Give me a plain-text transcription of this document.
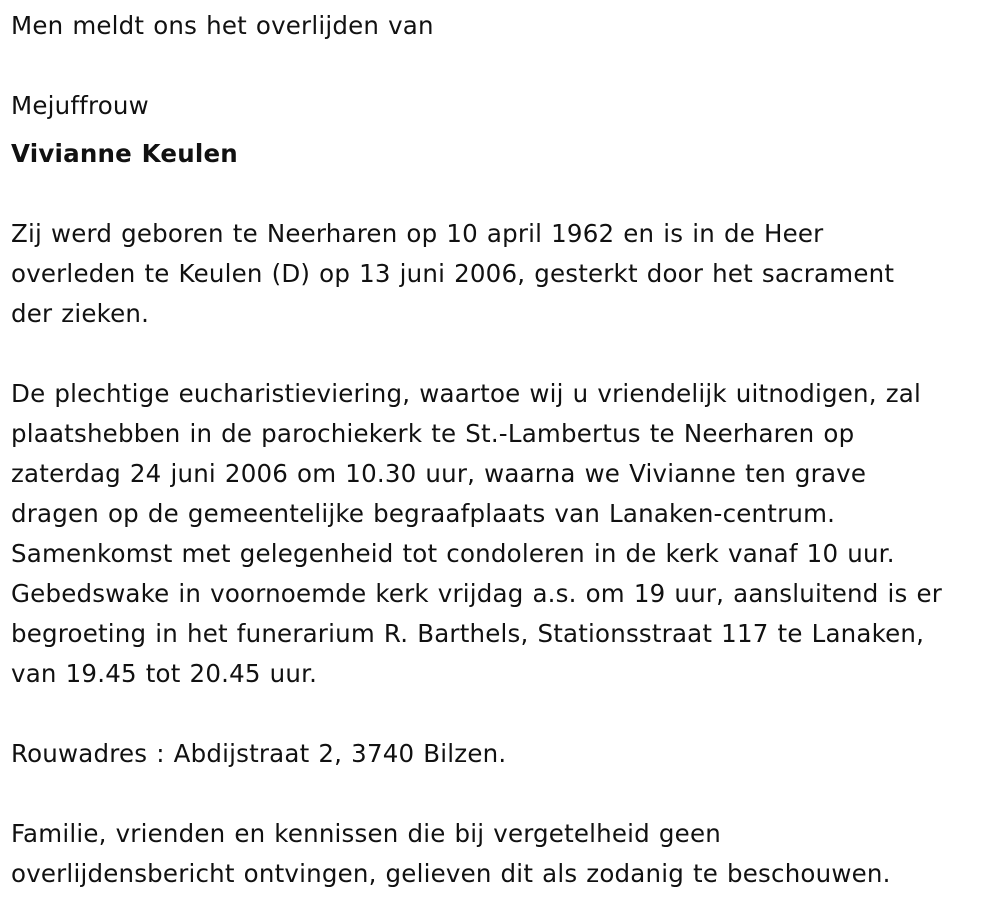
Men meldt ons het overlijden van
Mejuffrouw
Vivianne Keulen
Zij werd geboren te Neerharen op 10 april 1962 en is in de Heer
overleden te Keulen (D) op 13 juni 2006, gesterkt door het sacrament
der zieken.
De plechtige eucharistieviering, waartoe wij u vriendelijk uitnodigen, zal
plaatshebben in de parochiekerk te St.-Lambertus te Neerharen op
zaterdag 24 juni 2006 om 10.30 uur, waarna we Vivianne ten grave
dragen op de gemeentelijke begraafplaats van Lanaken-centrum.
Samenkomst met gelegenheid tot condoleren in de kerk vanaf 10 uur.
Gebedswake in voornoemde kerk vrijdag a.s. om 19 uur, aansluitend is er
begroeting in het funerarium R. Barthels, Stationsstraat 117 te Lanaken,
van 19.45 tot 20.45 uur.
Rouwadres : Abdijstraat 2, 3740 Bilzen.
Familie, vrienden en kennissen die bij vergetelheid geen
overlijdensbericht ontvingen, gelieven dit als zodanig te beschouwen.
